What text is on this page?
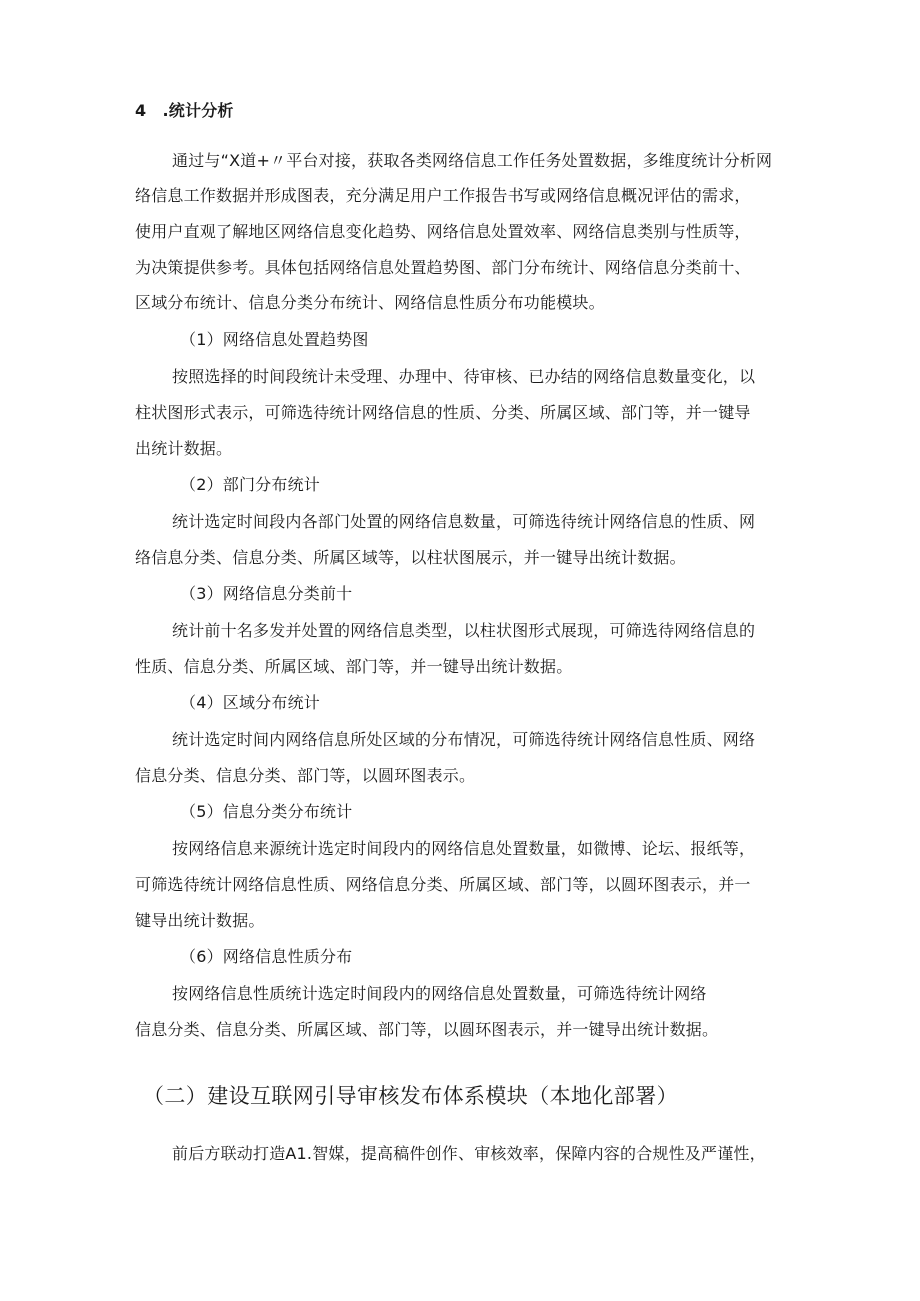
4 .统计分析
通过与“X道+〃平台对接，获取各类网络信息工作任务处置数据，多维度统计分析网
络信息工作数据并形成图表，充分满足用户工作报告书写或网络信息概况评估的需求，
使用户直观了解地区网络信息变化趋势、网络信息处置效率、网络信息类别与性质等，
为决策提供参考。具体包括网络信息处置趋势图、部门分布统计、网络信息分类前十、
区域分布统计、信息分类分布统计、网络信息性质分布功能模块。
（1）网络信息处置趋势图
按照选择的时间段统计未受理、办理中、待审核、已办结的网络信息数量变化，以
柱状图形式表示，可筛选待统计网络信息的性质、分类、所属区域、部门等，并一键导
出统计数据。
（2）部门分布统计
统计选定时间段内各部门处置的网络信息数量，可筛选待统计网络信息的性质、网
络信息分类、信息分类、所属区域等，以柱状图展示，并一键导出统计数据。
（3）网络信息分类前十
统计前十名多发并处置的网络信息类型，以柱状图形式展现，可筛选待网络信息的
性质、信息分类、所属区域、部门等，并一键导出统计数据。
（4）区域分布统计
统计选定时间内网络信息所处区域的分布情况，可筛选待统计网络信息性质、网络
信息分类、信息分类、部门等，以圆环图表示。
（5）信息分类分布统计
按网络信息来源统计选定时间段内的网络信息处置数量，如微博、论坛、报纸等，
可筛选待统计网络信息性质、网络信息分类、所属区域、部门等，以圆环图表示，并一
键导出统计数据。
（6）网络信息性质分布
按网络信息性质统计选定时间段内的网络信息处置数量，可筛选待统计网络
信息分类、信息分类、所属区域、部门等，以圆环图表示，并一键导出统计数据。
（二）建设互联网引导审核发布体系模块（本地化部署）
前后方联动打造A1.智媒，提高稿件创作、审核效率，保障内容的合规性及严谨性，
